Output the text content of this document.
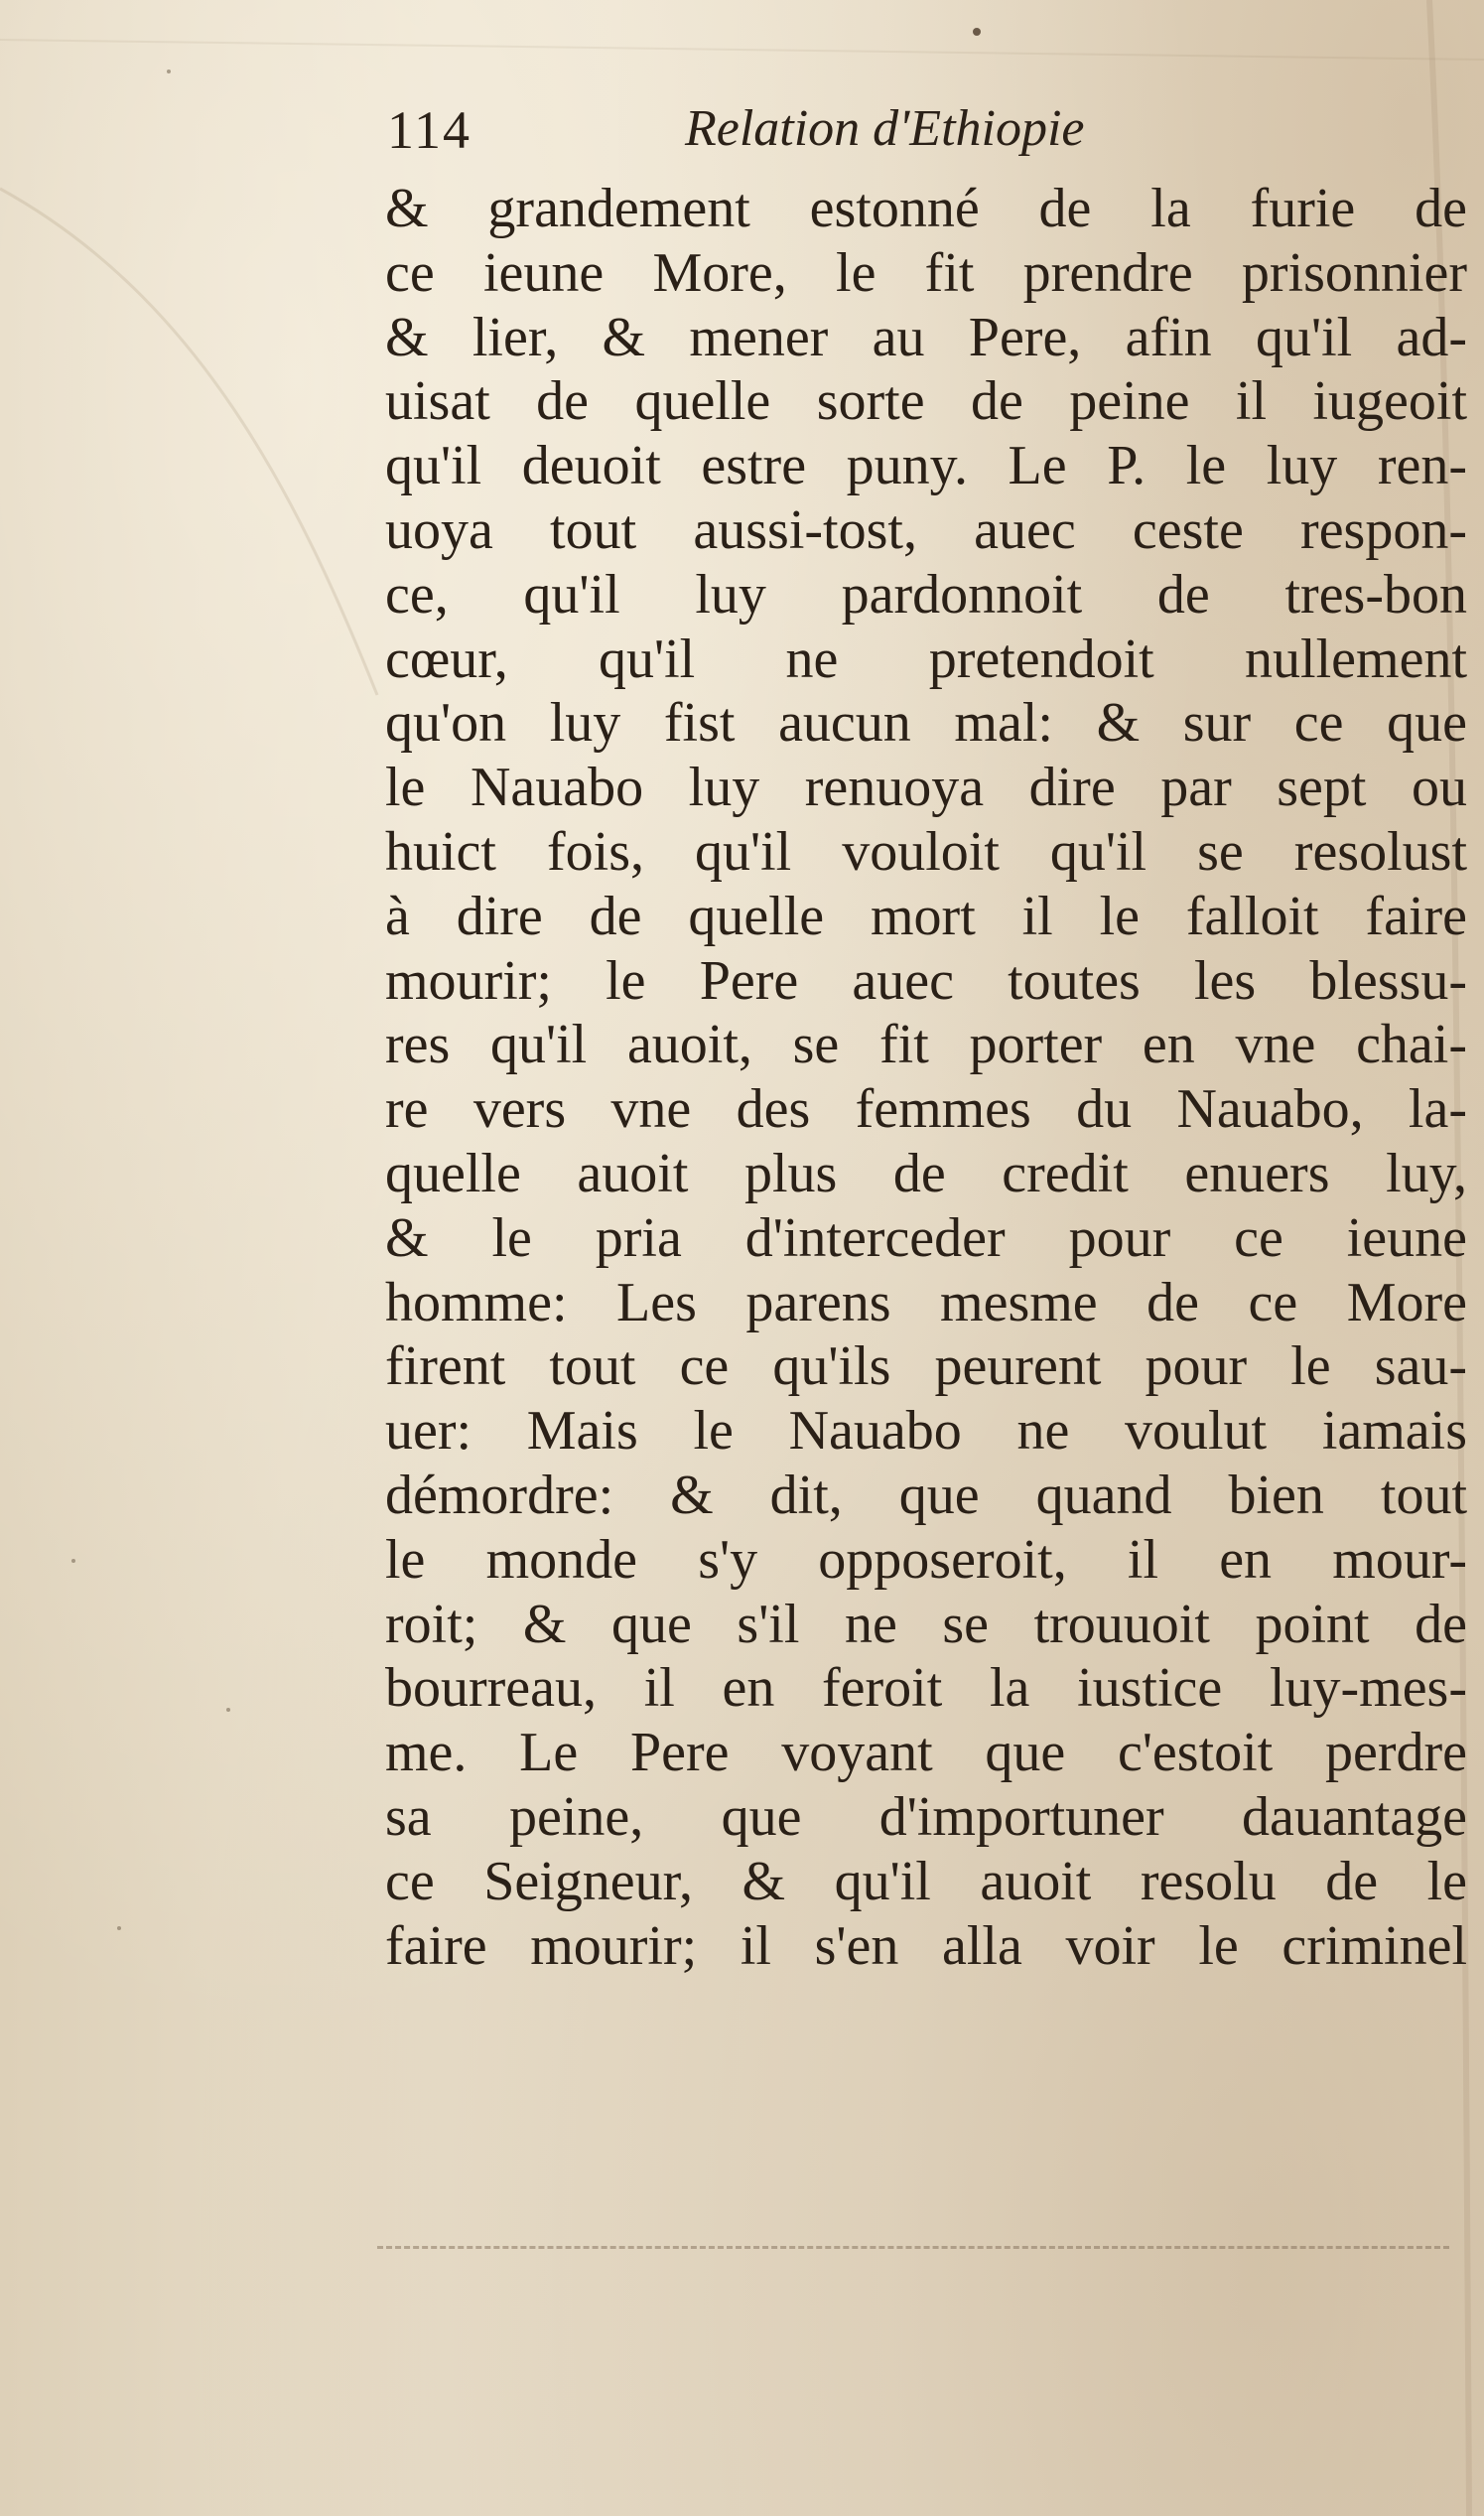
114	Relation d'Ethiopie
& grandement estonné de la furie de
ce ieune More, le fit prendre prisonnier
& lier, & mener au Pere, afin qu'il ad-
uisat de quelle sorte de peine il iugeoit
qu'il deuoit estre puny. Le P. le luy ren-
uoya tout aussi-tost, auec ceste respon-
ce, qu'il luy pardonnoit de tres-bon
cœur, qu'il ne pretendoit nullement
qu'on luy fist aucun mal: & sur ce que
le Nauabo luy renuoya dire par sept ou
huict fois, qu'il vouloit qu'il se resolust
à dire de quelle mort il le falloit faire
mourir; le Pere auec toutes les blessu-
res qu'il auoit, se fit porter en vne chai-
re vers vne des femmes du Nauabo, la-
quelle auoit plus de credit enuers luy,
& le pria d'interceder pour ce ieune
homme: Les parens mesme de ce More
firent tout ce qu'ils peurent pour le sau-
uer: Mais le Nauabo ne voulut iamais
démordre: & dit, que quand bien tout
le monde s'y opposeroit, il en mour-
roit; & que s'il ne se trouuoit point de
bourreau, il en feroit la iustice luy-mes-
me. Le Pere voyant que c'estoit perdre
sa peine, que d'importuner dauantage
ce Seigneur, & qu'il auoit resolu de le
faire mourir; il s'en alla voir le criminel
